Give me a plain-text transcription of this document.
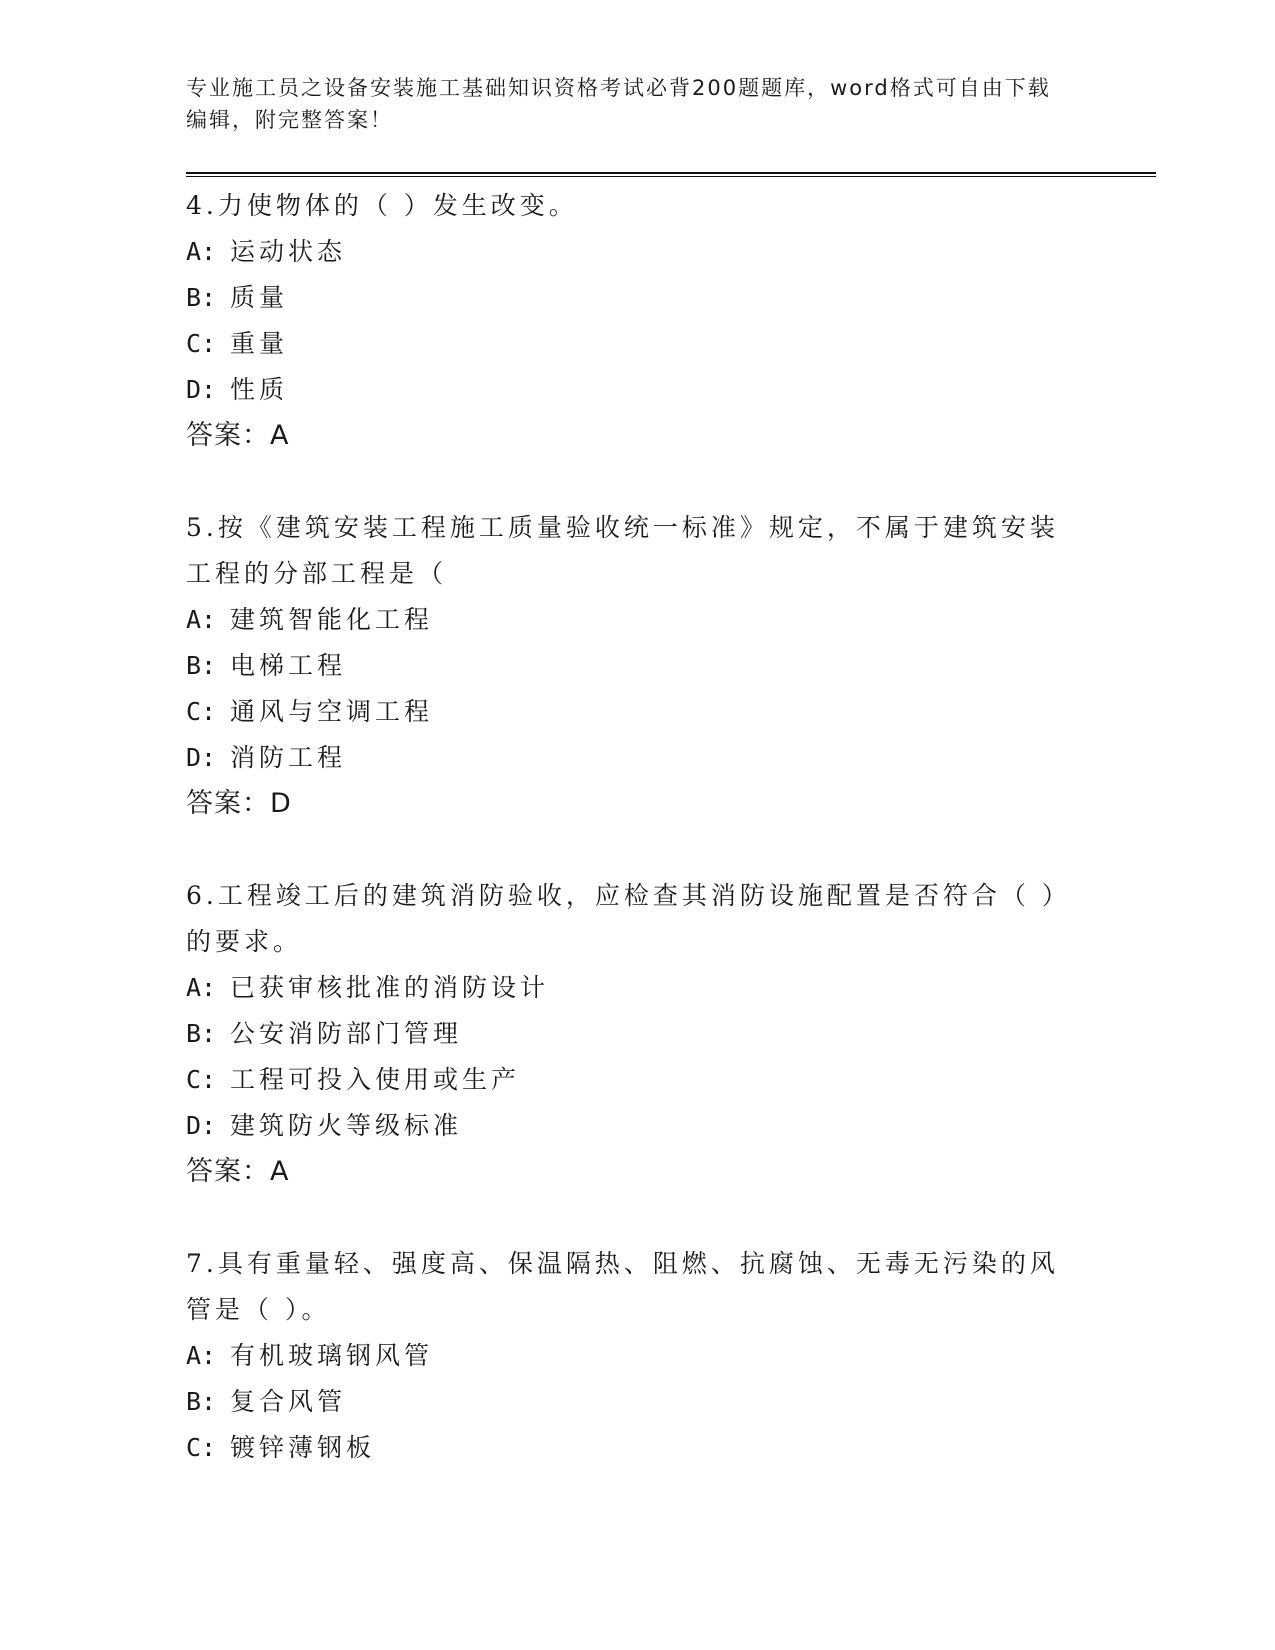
专业施工员之设备安装施工基础知识资格考试必背200题题库，word格式可自由下载编辑，附完整答案！
4.力使物体的（ ）发生改变。
A: 运动状态
B: 质量
C: 重量
D: 性质
答案：A
5.按《建筑安装工程施工质量验收统一标准》规定，不属于建筑安装工程的分部工程是（
A: 建筑智能化工程
B: 电梯工程
C: 通风与空调工程
D: 消防工程
答案：D
6.工程竣工后的建筑消防验收，应检查其消防设施配置是否符合（ ）的要求。
A: 已获审核批准的消防设计
B: 公安消防部门管理
C: 工程可投入使用或生产
D: 建筑防火等级标准
答案：A
7.具有重量轻、强度高、保温隔热、阻燃、抗腐蚀、无毒无污染的风管是（ ）。
A: 有机玻璃钢风管
B: 复合风管
C: 镀锌薄钢板
